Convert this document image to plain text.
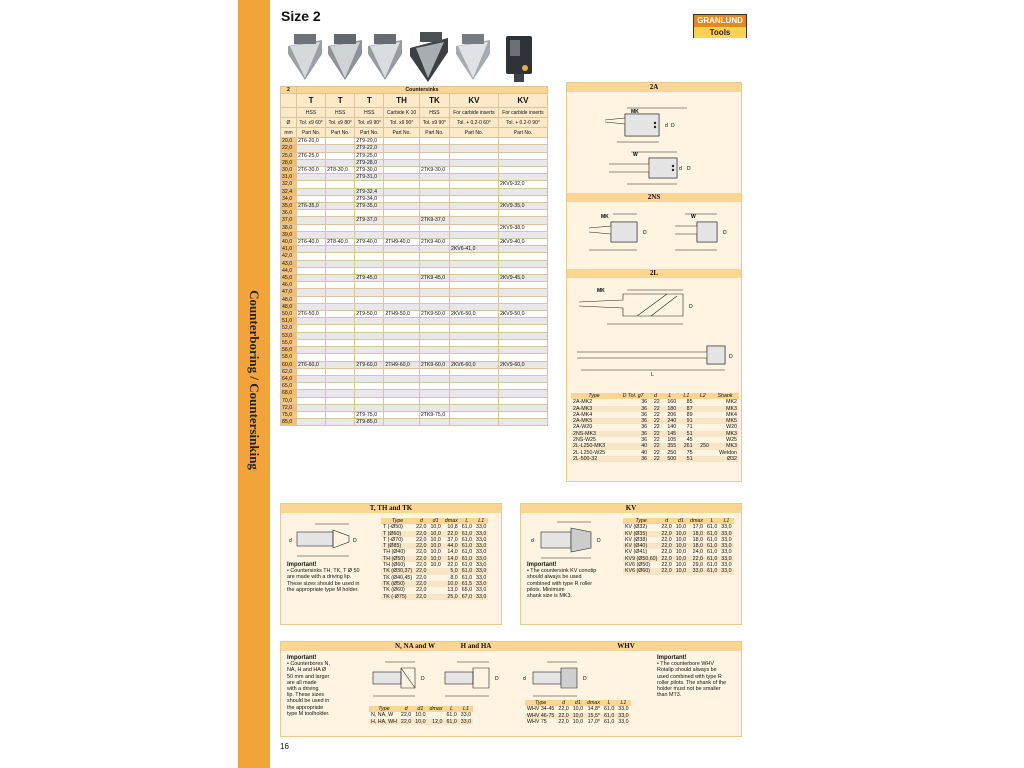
Counterboring / Countersinking
Size 2	GRANLUND
Tools
2	Countersinks						
	T	T	T	TH	TK	KV	KV
	HSS	HSS	HSS	Carbide K 10	HSS	For carbide inserts	For carbide inserts
Ø	Tol. x9 60°	Tol. x9 80°	Tol. x9 90°	Tol. x9 90°	Tol. x9 90°	Tol. + 0.2-0 60°	Tol. + 0.2-0 90°
mm	Part No.	Part No.	Part No.	Part No.	Part No.	Part No.	Part No.
20,0	2T6-20,0		2T9-20,0				
22,0			2T9-22,0				
25,0	2T6-25,0		2T9-25,0				
28,0			2T9-28,0				
30,0	2T6-30,0	2T8-30,0	2T9-30,0		2TK9-30,0		
31,0			2T9-31,0				
32,0							2KV9-32,0
32,4			2T9-32,4				
34,0			2T9-34,0				
35,0	2T6-35,0		2T9-35,0				2KV9-35,0
36,0							
37,0			2T9-37,0		2TK9-37,0		
38,0							2KV9-38,0
39,0							
40,0	2T6-40,0	2T8-40,0	2T9-40,0	2TH9-40,0	2TK9-40,0		2KV9-40,0
41,0						2KV6-41,0	
42,0							
43,0							
44,0							
45,0			2T9-45,0		2TK9-45,0		2KV9-45,0
46,0							
47,0							
48,0							
48,0							
50,0	2T6-50,0		2T9-50,0	2TH9-50,0	2TK9-50,0	2KV6-50,0	2KV9-50,0
51,0							
52,0							
53,0							
55,0							
56,0							
58,0							
60,0	2T6-60,0		2T9-60,0	2TH9-60,0	2TK9-60,0	2KV6-60,0	2KV9-60,0
62,0							
64,0							
65,0							
68,0							
70,0							
72,0							
75,0			2T9-75,0		2TK9-75,0		
85,0			2T9-85,0				
2A
MK
W
d D
d D
2NS
MK	W
D	D
2L
MK
D
D
L
Type	D Tol. g7	d	L	L1	L2	Shank
2A-MK2	36	22	160	85		MK2
2A-MK3	36	22	180	87		MK3
2A-MK4	36	22	206	89		MK4
2A-MK5	36	22	240	91		MK5
2A-W20	36	22	140	71		W20
2NS-MK3	36	22	145	51		MK3
2NS-W25	36	22	105	45		W25
2L-L250-MK3	40	22	355	261	250	MK3
2L-L250-W25	40	22	250	75		Weldon
2L-500-32	36	22	500	51		Ø32
T, TH and TK
d	D
Important!
• Countersinks TH, TK, T Ø 50
are made with a driving lip.
These sizes should be used in
the appropriate type M holder.
Type	d	d1	dmax	L	L1
T (-Ø50)	22,0	10,0	10,8	61,0	33,0
T (Ø60)	22,0	10,0	22,0	61,0	33,0
T (-Ø70)	22,0	10,0	37,0	61,0	33,0
T (Ø85)	22,0	10,0	44,0	61,0	33,0
TH (Ø40)	22,0	10,0	14,0	61,0	33,0
TH (Ø50)	22,0	10,0	14,0	61,0	33,0
TH (Ø60)	22,0	10,0	22,0	61,0	33,0
TK (Ø30,37)	22,0		5,0	61,0	33,0
TK (Ø40,45)	22,0		8,0	61,0	33,0
TK (Ø50)	22,0		10,0	61,5	33,0
TK (Ø60)	22,0		13,0	65,0	33,0
TK (-Ø75)	22,0		25,0	67,0	33,0
KV
d	D
Important!
• The countersink KV conotip
should always be used
combined with type R roller
pilots. Minimum
shank size is MK3.
Type	d	d1	dmax	L	L1
KV (Ø32)	22,0	10,0	17,0	61,0	33,0
KV (Ø35)	22,0	10,0	18,0	61,0	33,0
KV (Ø38)	22,0	10,0	18,0	61,0	33,0
KV (Ø40)	22,0	10,0	18,0	61,0	33,0
KV (Ø41)	22,0	10,0	24,0	61,0	33,0
KV9 (Ø50,60)	22,0	10,0	22,0	61,0	33,0
KV6 (Ø50)	22,0	10,0	29,0	61,0	33,0
KV6 (Ø60)	22,0	10,0	33,0	61,0	33,0
N, NA and W	H and HA	WHV
Important!
• Counterbores N,
NA, H and HA Ø
50 mm and larger
are all made
with a driving
lip. These sizes
should be used in
the appropriate
type M toolholder.
D	D
Type	d	d1	dmax	L	L1
N, NA, W	22,0	10,0		61,0	33,0
H, HA, WH	22,0	10,0	12,0	61,0	33,0
d	D
Type	d	d1	dmax	L	L1
WHV 34-45	22,0	10,0	14,8*	61,0	33,0
WHV 46-75	22,0	10,0	15,5*	61,0	33,0
WHV 75	22,0	10,0	17,0*	61,0	33,0
Important!
• The counterbore WHV
Rotalip should always be
used combined with type R
roller pilots. The shank of the
holder must not be smaller
than MT3.
16
